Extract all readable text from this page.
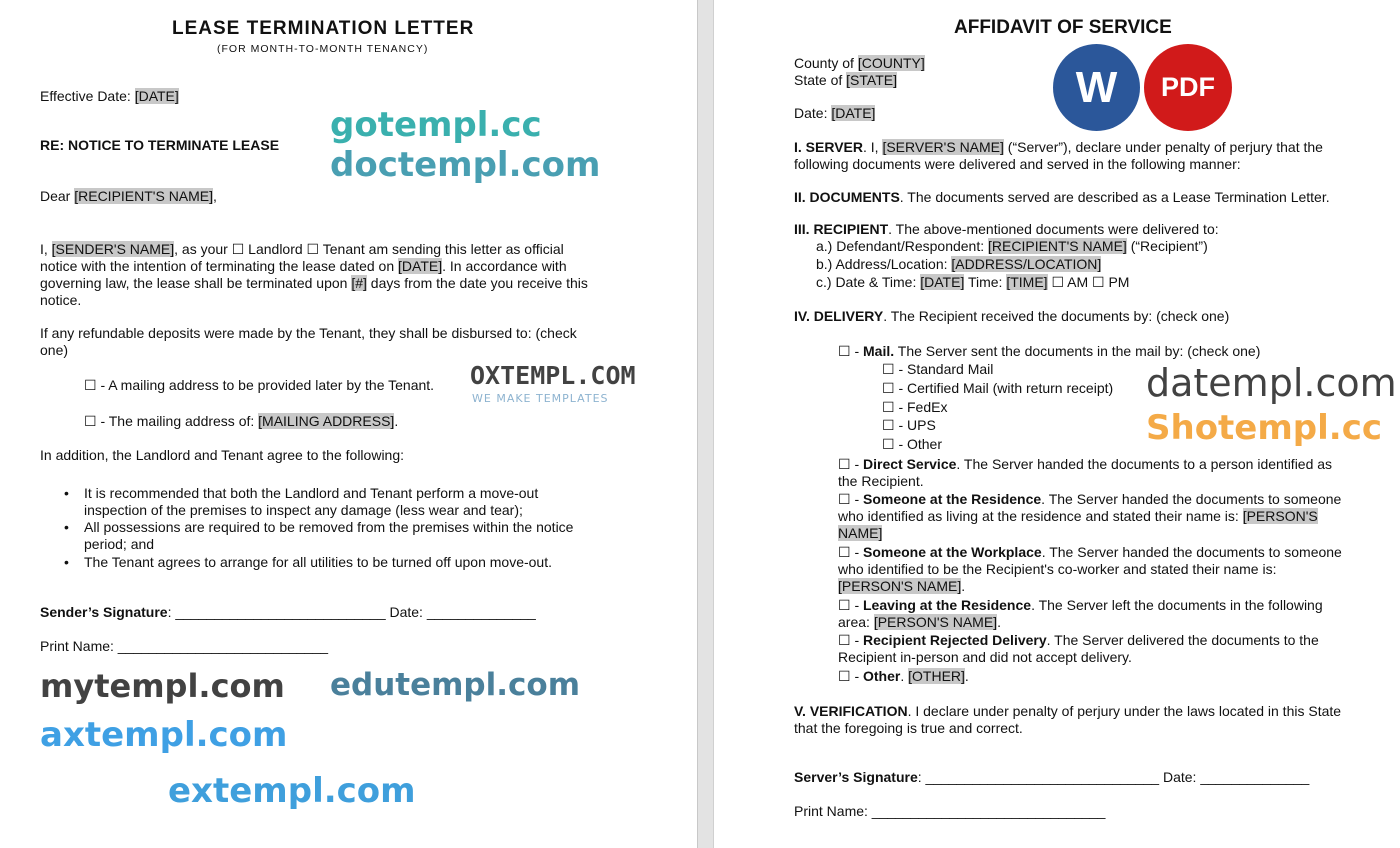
LEASE TERMINATION LETTER
(FOR MONTH-TO-MONTH TENANCY)
Effective Date: [DATE]
RE: NOTICE TO TERMINATE LEASE
Dear [RECIPIENT'S NAME],
I, [SENDER'S NAME], as your ☐ Landlord ☐ Tenant am sending this letter as official
notice with the intention of terminating the lease dated on [DATE]. In accordance with
governing law, the lease shall be terminated upon [#] days from the date you receive this
notice.
If any refundable deposits were made by the Tenant, they shall be disbursed to: (check
one)
☐ - A mailing address to be provided later by the Tenant.
☐ - The mailing address of: [MAILING ADDRESS].
In addition, the Landlord and Tenant agree to the following:
• It is recommended that both the Landlord and Tenant perform a move-out
inspection of the premises to inspect any damage (less wear and tear);
• All possessions are required to be removed from the premises within the notice
period; and
• The Tenant agrees to arrange for all utilities to be turned off upon move-out.
Sender’s Signature: ___________________________ Date: ______________
Print Name: ___________________________
gotempl.cc
doctempl.com
OXTEMPL.COM
WE MAKE TEMPLATES
mytempl.com edutempl.com
axtempl.com
extempl.com
AFFIDAVIT OF SERVICE
County of [COUNTY]
State of [STATE]
Date: [DATE]
I. SERVER. I, [SERVER'S NAME] (“Server”), declare under penalty of perjury that the
following documents were delivered and served in the following manner:
II. DOCUMENTS. The documents served are described as a Lease Termination Letter.
III. RECIPIENT. The above-mentioned documents were delivered to:
a.) Defendant/Respondent: [RECIPIENT'S NAME] (“Recipient”)
b.) Address/Location: [ADDRESS/LOCATION]
c.) Date & Time: [DATE] Time: [TIME] ☐ AM ☐ PM
IV. DELIVERY. The Recipient received the documents by: (check one)
☐ - Mail. The Server sent the documents in the mail by: (check one)
☐ - Standard Mail
☐ - Certified Mail (with return receipt)
☐ - FedEx
☐ - UPS
☐ - Other
☐ - Direct Service. The Server handed the documents to a person identified as
the Recipient.
☐ - Someone at the Residence. The Server handed the documents to someone
who identified as living at the residence and stated their name is: [PERSON'S
NAME]
☐ - Someone at the Workplace. The Server handed the documents to someone
who identified to be the Recipient's co-worker and stated their name is:
[PERSON'S NAME].
☐ - Leaving at the Residence. The Server left the documents in the following
area: [PERSON'S NAME].
☐ - Recipient Rejected Delivery. The Server delivered the documents to the
Recipient in-person and did not accept delivery.
☐ - Other. [OTHER].
V. VERIFICATION. I declare under penalty of perjury under the laws located in this State
that the foregoing is true and correct.
Server’s Signature: ______________________________ Date: ______________
Print Name: ______________________________
W	PDF
datempl.com
Shotempl.cc
